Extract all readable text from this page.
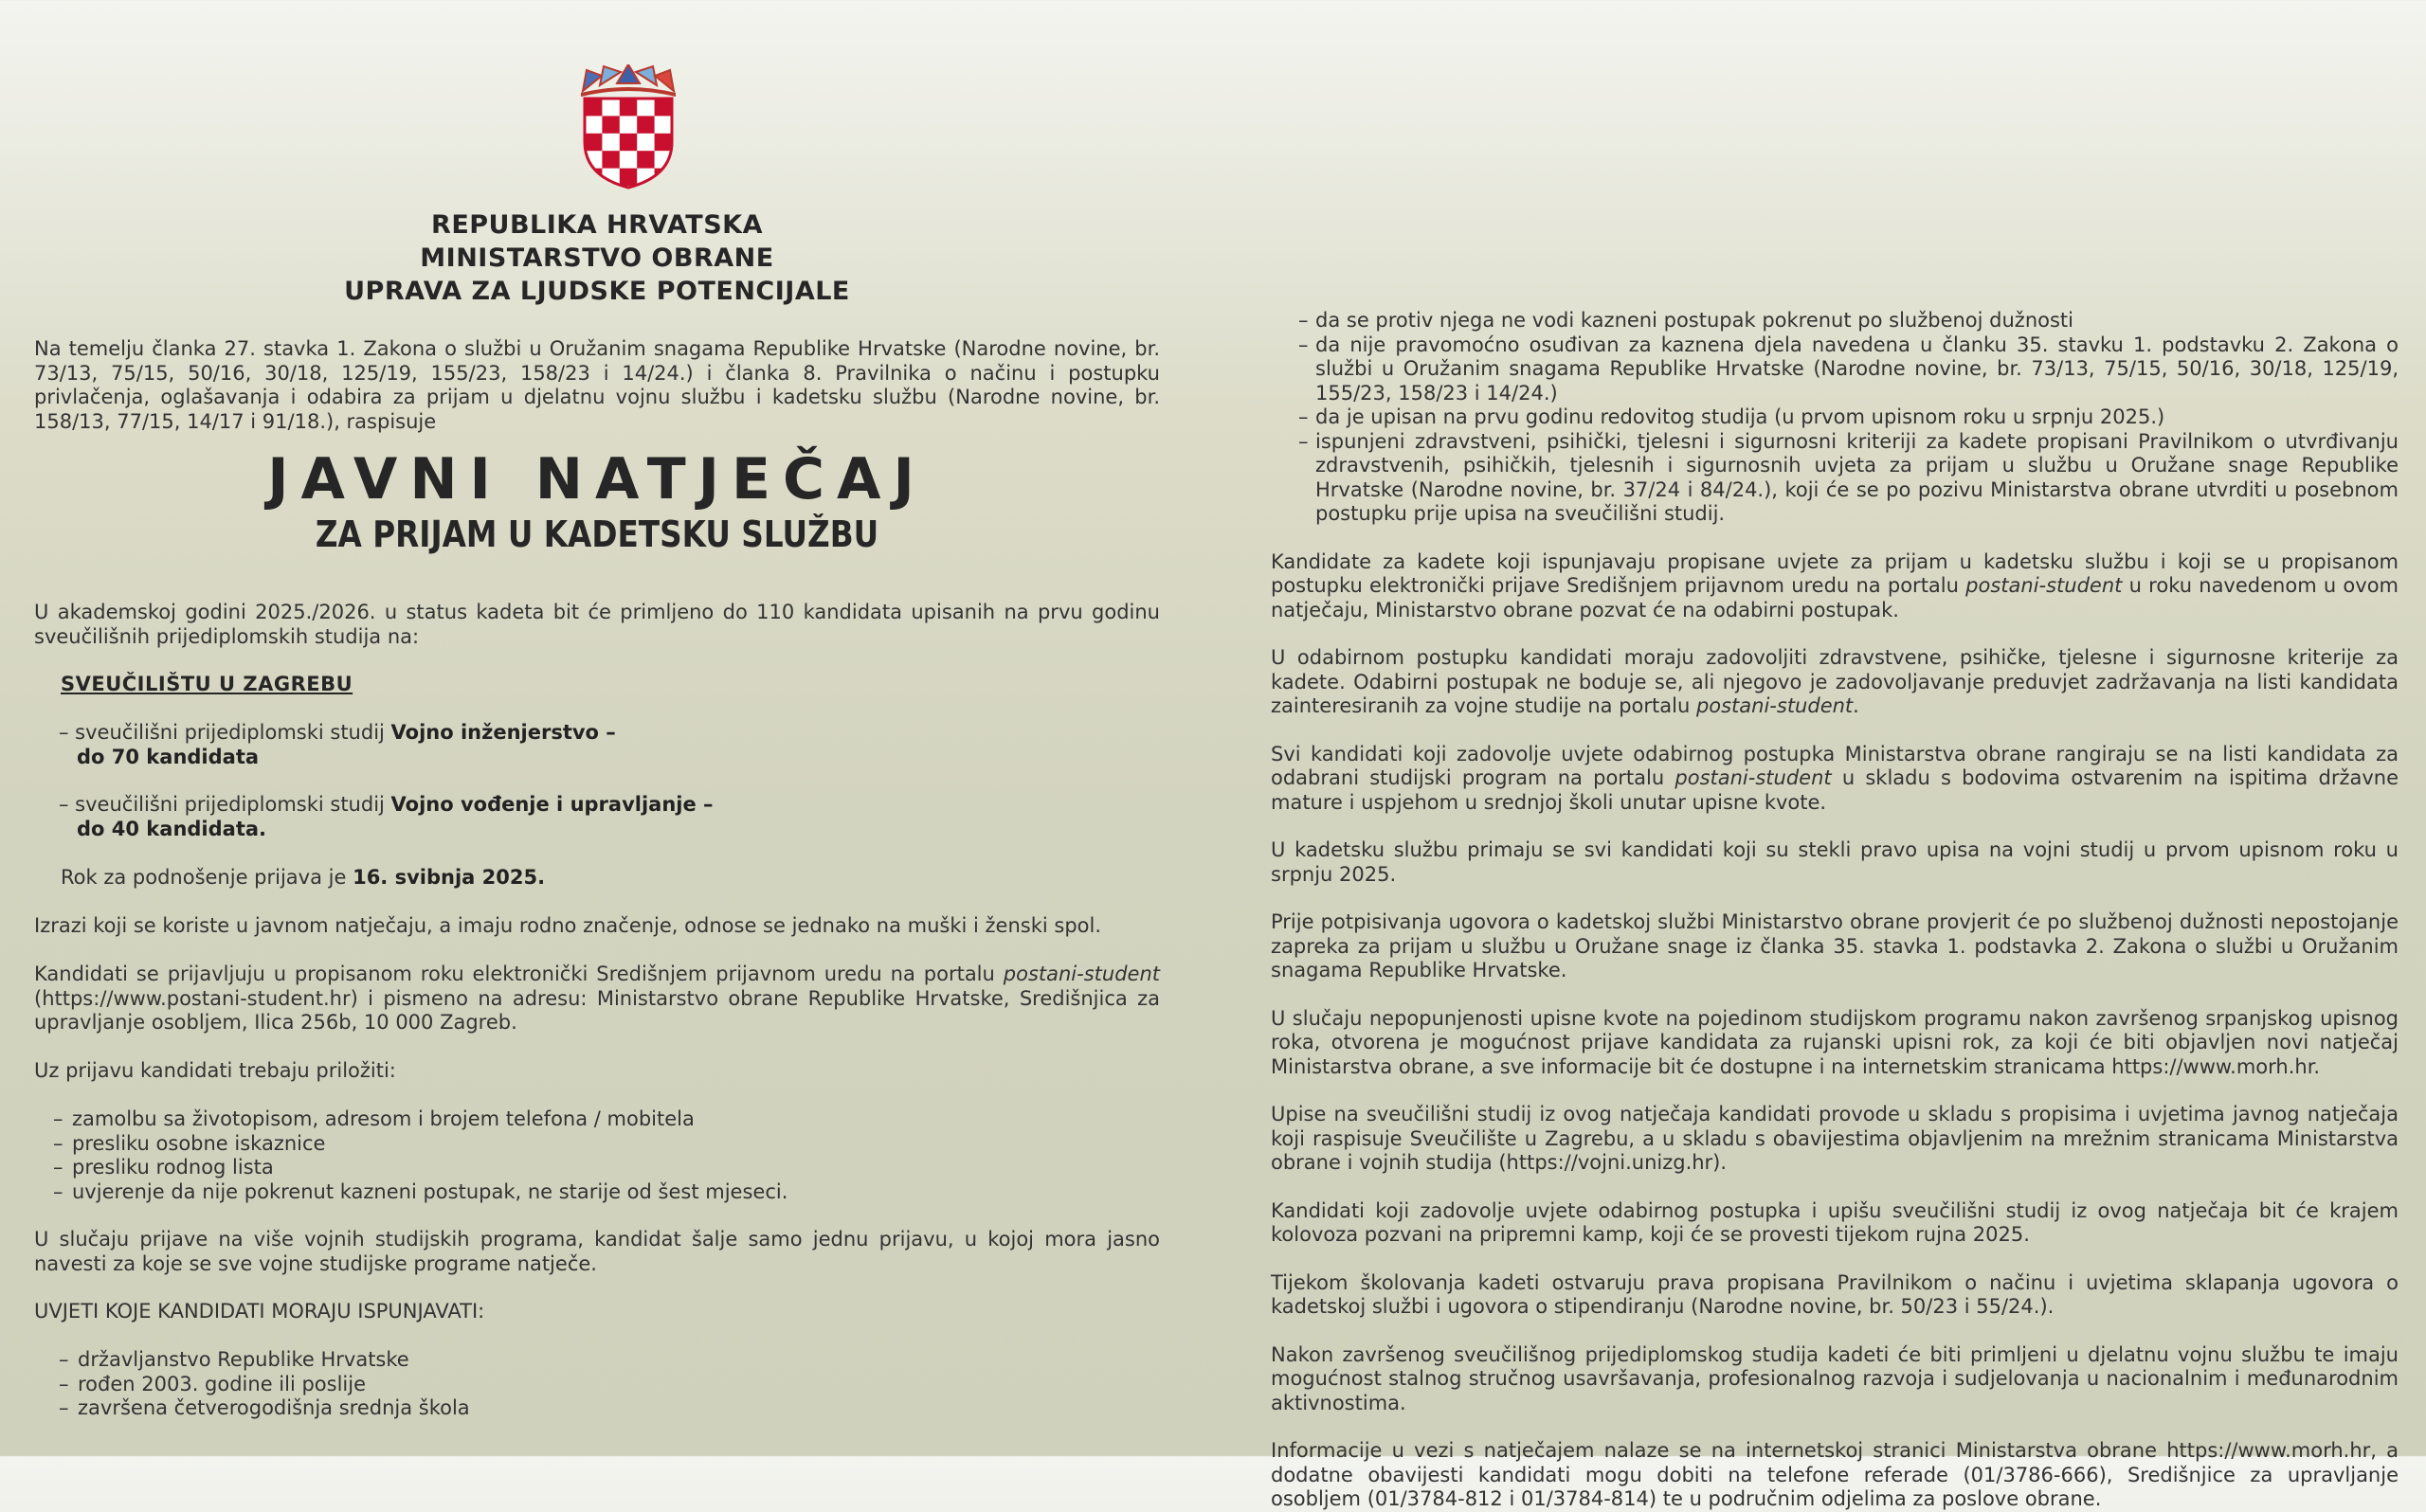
REPUBLIKA HRVATSKA
MINISTARSTVO OBRANE
UPRAVA ZA LJUDSKE POTENCIJALE

Na temelju članka 27. stavka 1. Zakona o službi u Oružanim snagama Republike Hrvatske (Narodne novine, br. 73/13, 75/15, 50/16, 30/18, 125/19, 155/23, 158/23 i 14/24.) i članka 8. Pravilnika o načinu i postupku privlačenja, oglašavanja i odabira za prijam u djelatnu vojnu službu i kadetsku službu (Narodne novine, br. 158/13, 77/15, 14/17 i 91/18.), raspisuje

JAVNI NATJEČAJ
ZA PRIJAM U KADETSKU SLUŽBU

U akademskoj godini 2025./2026. u status kadeta bit će primljeno do 110 kandidata upisanih na prvu godinu sveučilišnih prijediplomskih studija na:

SVEUČILIŠTU U ZAGREBU
– sveučilišni prijediplomski studij Vojno inženjerstvo –
do 70 kandidata
– sveučilišni prijediplomski studij Vojno vođenje i upravljanje –
do 40 kandidata.
Rok za podnošenje prijava je 16. svibnja 2025.

Izrazi koji se koriste u javnom natječaju, a imaju rodno značenje, odnose se jednako na muški i ženski spol.

Kandidati se prijavljuju u propisanom roku elektronički Središnjem prijavnom uredu na portalu postani-student (https://www.postani-student.hr) i pismeno na adresu: Ministarstvo obrane Republike Hrvatske, Središnjica za upravljanje osobljem, Ilica 256b, 10 000 Zagreb.

Uz prijavu kandidati trebaju priložiti:

– zamolbu sa životopisom, adresom i brojem telefona / mobitela
– presliku osobne iskaznice
– presliku rodnog lista
– uvjerenje da nije pokrenut kazneni postupak, ne starije od šest mjeseci.

U slučaju prijave na više vojnih studijskih programa, kandidat šalje samo jednu prijavu, u kojoj mora jasno navesti za koje se sve vojne studijske programe natječe.

UVJETI KOJE KANDIDATI MORAJU ISPUNJAVATI:

– državljanstvo Republike Hrvatske
– rođen 2003. godine ili poslije
– završena četverogodišnja srednja škola
– da se protiv njega ne vodi kazneni postupak pokrenut po službenoj dužnosti
– da nije pravomoćno osuđivan za kaznena djela navedena u članku 35. stavku 1. podstavku 2. Zakona o službi u Oružanim snagama Republike Hrvatske (Narodne novine, br. 73/13, 75/15, 50/16, 30/18, 125/19, 155/23, 158/23 i 14/24.)
– da je upisan na prvu godinu redovitog studija (u prvom upisnom roku u srpnju 2025.)
– ispunjeni zdravstveni, psihički, tjelesni i sigurnosni kriteriji za kadete propisani Pravilnikom o utvrđivanju zdravstvenih, psihičkih, tjelesnih i sigurnosnih uvjeta za prijam u službu u Oružane snage Republike Hrvatske (Narodne novine, br. 37/24 i 84/24.), koji će se po pozivu Ministarstva obrane utvrditi u posebnom postupku prije upisa na sveučilišni studij.

Kandidate za kadete koji ispunjavaju propisane uvjete za prijam u kadetsku službu i koji se u propisanom postupku elektronički prijave Središnjem prijavnom uredu na portalu postani-student u roku navedenom u ovom natječaju, Ministarstvo obrane pozvat će na odabirni postupak.

U odabirnom postupku kandidati moraju zadovoljiti zdravstvene, psihičke, tjelesne i sigurnosne kriterije za kadete. Odabirni postupak ne boduje se, ali njegovo je zadovoljavanje preduvjet zadržavanja na listi kandidata zainteresiranih za vojne studije na portalu postani-student.

Svi kandidati koji zadovolje uvjete odabirnog postupka Ministarstva obrane rangiraju se na listi kandidata za odabrani studijski program na portalu postani-student u skladu s bodovima ostvarenim na ispitima državne mature i uspjehom u srednjoj školi unutar upisne kvote.

U kadetsku službu primaju se svi kandidati koji su stekli pravo upisa na vojni studij u prvom upisnom roku u srpnju 2025.

Prije potpisivanja ugovora o kadetskoj službi Ministarstvo obrane provjerit će po službenoj dužnosti nepostojanje zapreka za prijam u službu u Oružane snage iz članka 35. stavka 1. podstavka 2. Zakona o službi u Oružanim snagama Republike Hrvatske.

U slučaju nepopunjenosti upisne kvote na pojedinom studijskom programu nakon završenog srpanjskog upisnog roka, otvorena je mogućnost prijave kandidata za rujanski upisni rok, za koji će biti objavljen novi natječaj Ministarstva obrane, a sve informacije bit će dostupne i na internetskim stranicama https://www.morh.hr.

Upise na sveučilišni studij iz ovog natječaja kandidati provode u skladu s propisima i uvjetima javnog natječaja koji raspisuje Sveučilište u Zagrebu, a u skladu s obavijestima objavljenim na mrežnim stranicama Ministarstva obrane i vojnih studija (https://vojni.unizg.hr).

Kandidati koji zadovolje uvjete odabirnog postupka i upišu sveučilišni studij iz ovog natječaja bit će krajem kolovoza pozvani na pripremni kamp, koji će se provesti tijekom rujna 2025.

Tijekom školovanja kadeti ostvaruju prava propisana Pravilnikom o načinu i uvjetima sklapanja ugovora o kadetskoj službi i ugovora o stipendiranju (Narodne novine, br. 50/23 i 55/24.).

Nakon završenog sveučilišnog prijediplomskog studija kadeti će biti primljeni u djelatnu vojnu službu te imaju mogućnost stalnog stručnog usavršavanja, profesionalnog razvoja i sudjelovanja u nacionalnim i međunarodnim aktivnostima.

Informacije u vezi s natječajem nalaze se na internetskoj stranici Ministarstva obrane https://www.morh.hr, a dodatne obavijesti kandidati mogu dobiti na telefone referade (01/3786-666), Središnjice za upravljanje osobljem (01/3784-812 i 01/3784-814) te u područnim odjelima za poslove obrane.
